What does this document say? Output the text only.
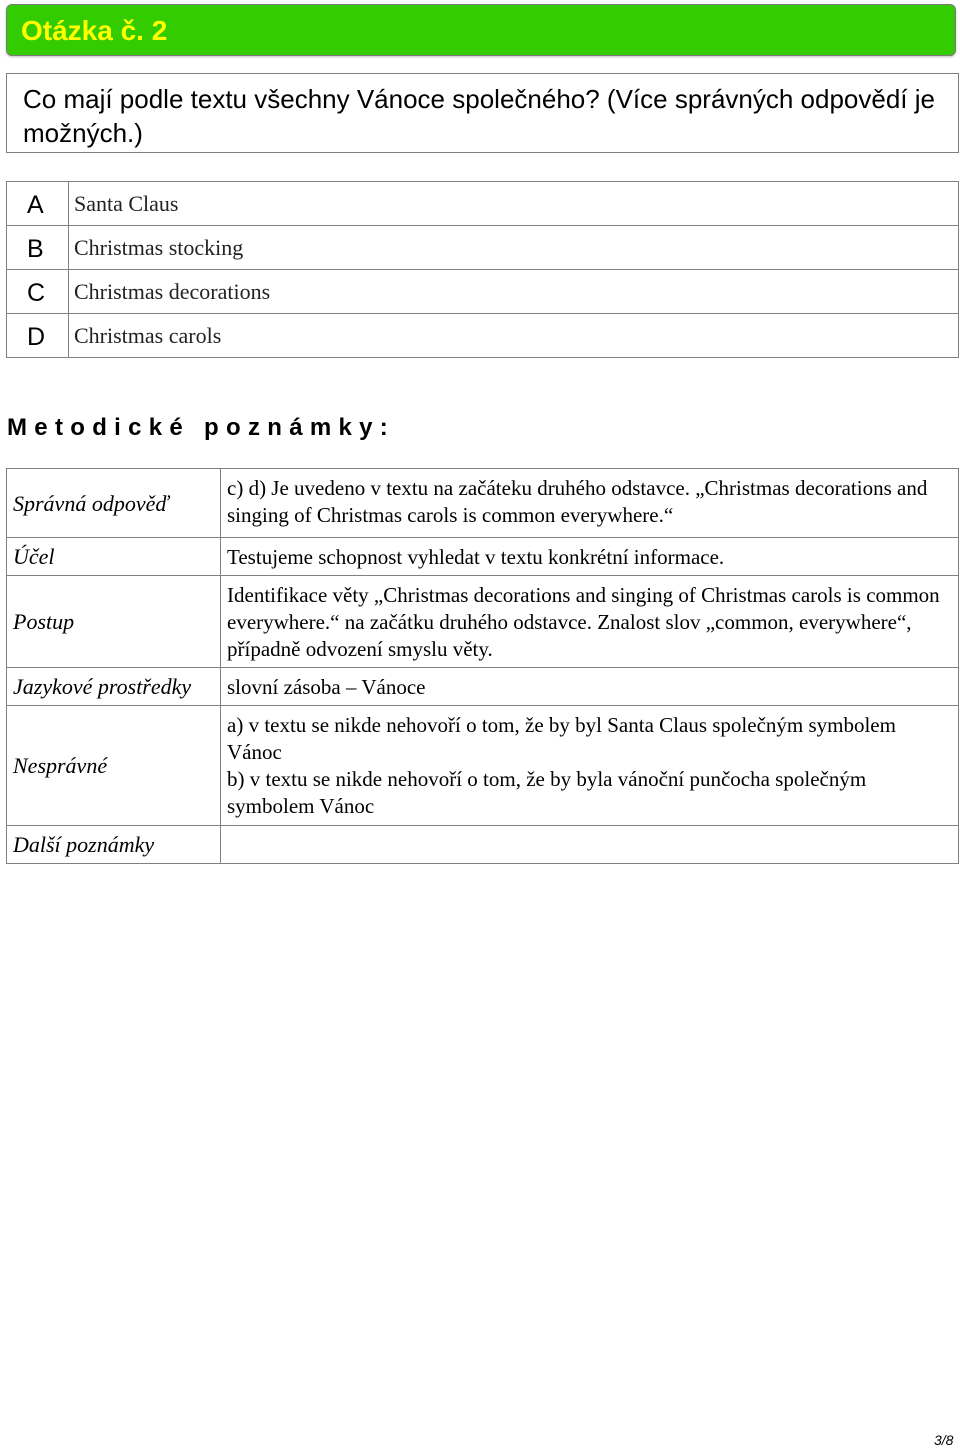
Otázka č. 2
Co mají podle textu všechny Vánoce společného? (Více správných odpovědí je možných.)
A	Santa Claus
B	Christmas stocking
C	Christmas decorations
D	Christmas carols
Metodické poznámky:
Správná odpověď	c) d) Je uvedeno v textu na začáteku druhého odstavce. „Christmas decorations and singing of Christmas carols is common everywhere.“
Účel	Testujeme schopnost vyhledat v textu konkrétní informace.
Postup	Identifikace věty „Christmas decorations and singing of Christmas carols is common everywhere.“ na začátku druhého odstavce. Znalost slov „common, everywhere“, případně odvození smyslu věty.
Jazykové prostředky	slovní zásoba – Vánoce
Nesprávné	a) v textu se nikde nehovoří o tom, že by byl Santa Claus společným symbolem Vánoc
b) v textu se nikde nehovoří o tom, že by byla vánoční punčocha společným symbolem Vánoc
Další poznámky	
3/8
